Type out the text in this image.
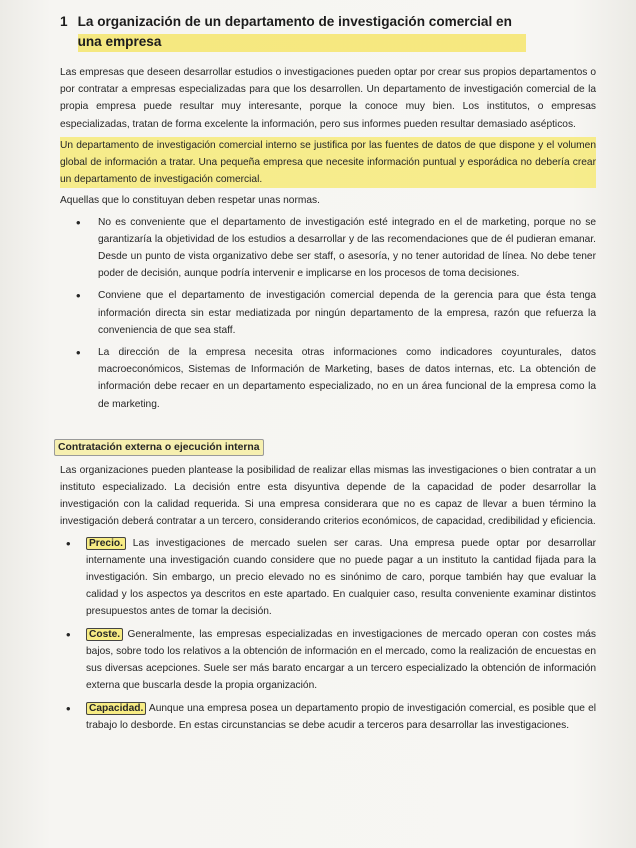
1 La organización de un departamento de investigación comercial en una empresa

Las empresas que deseen desarrollar estudios o investigaciones pueden optar por crear sus propios departamentos o por contratar a empresas especializadas para que los desarrollen. Un departamento de investigación comercial de la propia empresa puede resultar muy interesante, porque la conoce muy bien. Los institutos, o empresas especializadas, tratan de forma excelente la información, pero sus informes pueden resultar demasiado asépticos.

Un departamento de investigación comercial interno se justifica por las fuentes de datos de que dispone y el volumen global de información a tratar. Una pequeña empresa que necesite información puntual y esporádica no debería crear un departamento de investigación comercial.

Aquellas que lo constituyan deben respetar unas normas.

• No es conveniente que el departamento de investigación esté integrado en el de marketing, porque no se garantizaría la objetividad de los estudios a desarrollar y de las recomendaciones que de él pudieran emanar. Desde un punto de vista organizativo debe ser staff, o asesoría, y no tener autoridad de línea. No debe tener poder de decisión, aunque podría intervenir e implicarse en los procesos de toma decisiones.
• Conviene que el departamento de investigación comercial dependa de la gerencia para que ésta tenga información directa sin estar mediatizada por ningún departamento de la empresa, razón que refuerza la conveniencia de que sea staff.
• La dirección de la empresa necesita otras informaciones como indicadores coyunturales, datos macroeconómicos, Sistemas de Información de Marketing, bases de datos internas, etc. La obtención de información debe recaer en un departamento especializado, no en un área funcional de la empresa como la de marketing.
Contratación externa o ejecución interna

Las organizaciones pueden plantease la posibilidad de realizar ellas mismas las investigaciones o bien contratar a un instituto especializado. La decisión entre esta disyuntiva depende de la capacidad de poder desarrollar la investigación con la calidad requerida. Si una empresa considerara que no es capaz de llevar a buen término la investigación deberá contratar a un tercero, considerando criterios económicos, de capacidad, credibilidad y eficiencia.

• Precio. Las investigaciones de mercado suelen ser caras. Una empresa puede optar por desarrollar internamente una investigación cuando considere que no puede pagar a un instituto la cantidad fijada para la investigación. Sin embargo, un precio elevado no es sinónimo de caro, porque también hay que evaluar la calidad y los aspectos ya descritos en este apartado. En cualquier caso, resulta conveniente examinar distintos presupuestos antes de tomar la decisión.
• Coste. Generalmente, las empresas especializadas en investigaciones de mercado operan con costes más bajos, sobre todo los relativos a la obtención de información en el mercado, como la realización de encuestas en sus diversas acepciones. Suele ser más barato encargar a un tercero especializado la obtención de información externa que buscarla desde la propia organización.
• Capacidad. Aunque una empresa posea un departamento propio de investigación comercial, es posible que el trabajo lo desborde. En estas circunstancias se debe acudir a terceros para desarrollar las investigaciones.
